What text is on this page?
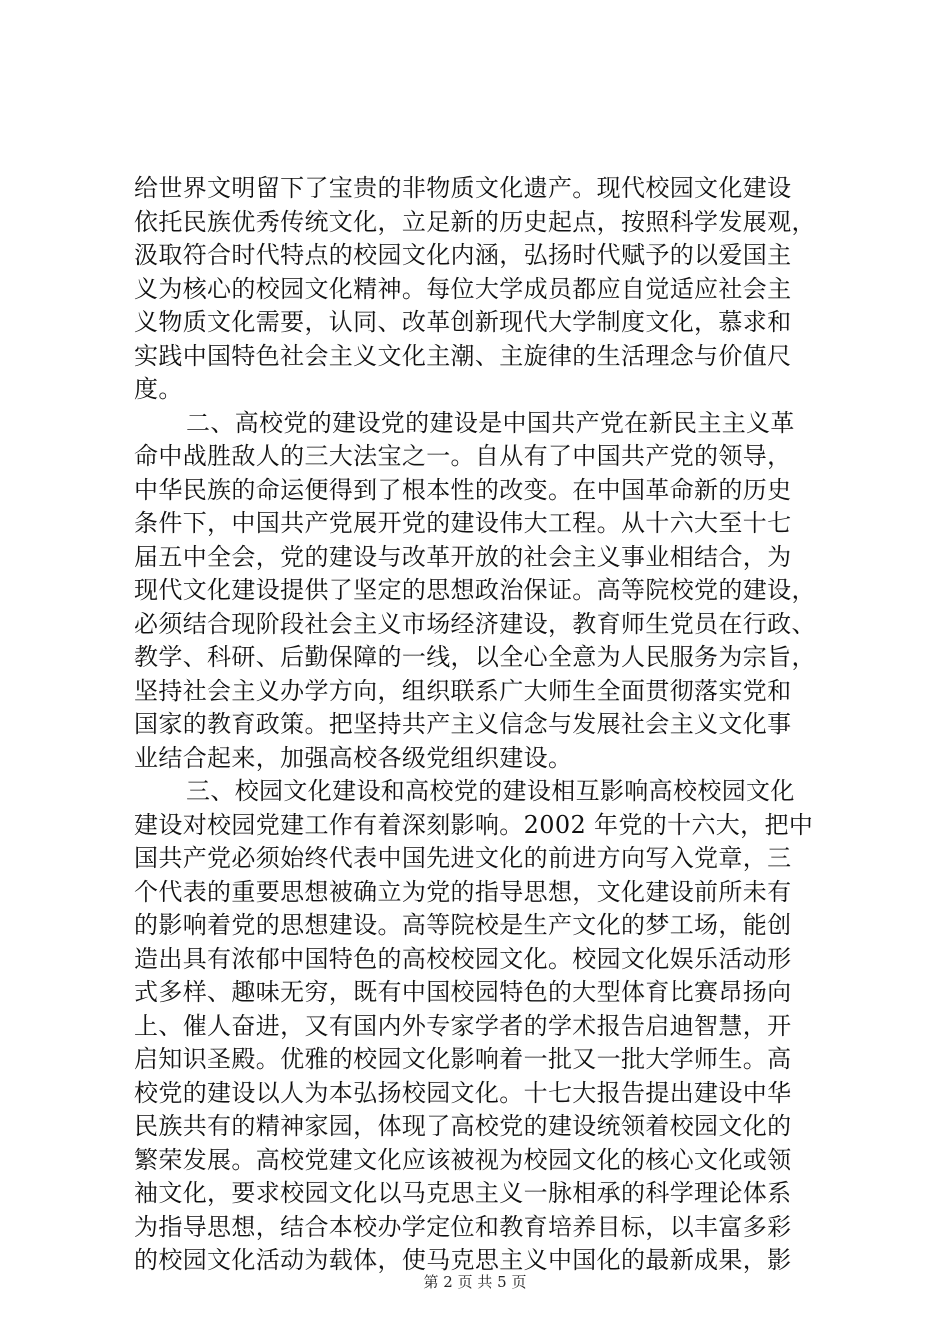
给世界文明留下了宝贵的非物质文化遗产。现代校园文化建设
依托民族优秀传统文化，立足新的历史起点，按照科学发展观，
汲取符合时代特点的校园文化内涵，弘扬时代赋予的以爱国主
义为核心的校园文化精神。每位大学成员都应自觉适应社会主
义物质文化需要，认同、改革创新现代大学制度文化，慕求和
实践中国特色社会主义文化主潮、主旋律的生活理念与价值尺
度。
二、高校党的建设党的建设是中国共产党在新民主主义革
命中战胜敌人的三大法宝之一。自从有了中国共产党的领导，
中华民族的命运便得到了根本性的改变。在中国革命新的历史
条件下，中国共产党展开党的建设伟大工程。从十六大至十七
届五中全会，党的建设与改革开放的社会主义事业相结合，为
现代文化建设提供了坚定的思想政治保证。高等院校党的建设，
必须结合现阶段社会主义市场经济建设，教育师生党员在行政、
教学、科研、后勤保障的一线，以全心全意为人民服务为宗旨，
坚持社会主义办学方向，组织联系广大师生全面贯彻落实党和
国家的教育政策。把坚持共产主义信念与发展社会主义文化事
业结合起来，加强高校各级党组织建设。
三、校园文化建设和高校党的建设相互影响高校校园文化
建设对校园党建工作有着深刻影响。2002 年党的十六大，把中
国共产党必须始终代表中国先进文化的前进方向写入党章，三
个代表的重要思想被确立为党的指导思想，文化建设前所未有
的影响着党的思想建设。高等院校是生产文化的梦工场，能创
造出具有浓郁中国特色的高校校园文化。校园文化娱乐活动形
式多样、趣味无穷，既有中国校园特色的大型体育比赛昂扬向
上、催人奋进，又有国内外专家学者的学术报告启迪智慧，开
启知识圣殿。优雅的校园文化影响着一批又一批大学师生。高
校党的建设以人为本弘扬校园文化。十七大报告提出建设中华
民族共有的精神家园，体现了高校党的建设统领着校园文化的
繁荣发展。高校党建文化应该被视为校园文化的核心文化或领
袖文化，要求校园文化以马克思主义一脉相承的科学理论体系
为指导思想，结合本校办学定位和教育培养目标，以丰富多彩
的校园文化活动为载体，使马克思主义中国化的最新成果，影
第 2 页 共 5 页
